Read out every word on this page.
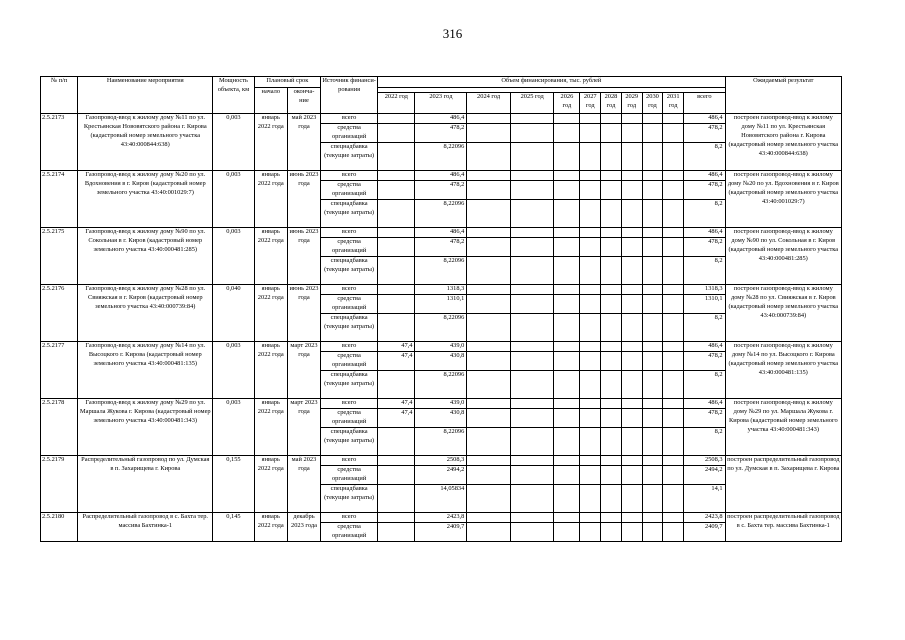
316
№ п/п	Наименование мероприятия	Мощность объекта, км	Плановый срок		Источник финанси-рования	Объем финансирования, тыс. рублей											Ожидаемый результат
			начало	оконча-ние													
						2022 год	2023 год	2024 год	2025 год	2026 год	2027 год	2028 год	2029 год	2030 год	2031 год	всего	
2.5.2173	Газопровод-ввод к жилому дому №11 по ул. Крестьянская Нововятского района г. Кирова (кадастровый номер земельного участка 43:40:000844:638)	0,003	январь 2022 года	май 2023 года	всего		486,4									486,4	построен газопровод-ввод к жилому дому №11 по ул. Крестьянская Нововятского района г. Кирова (кадастровый номер земельного участка 43:40:000844:638)
					средства организаций		478,2									478,2	
					спецнадбавка (текущие затраты)		8,22096									8,2	
2.5.2174	Газопровод-ввод к жилому дому №20 по ул. Вдохновения в г. Киров (кадастровый номер земельного участка 43:40:001029:7)	0,003	январь 2022 года	июнь 2023 года	всего		486,4									486,4	построен газопровод-ввод к жилому дому №20 по ул. Вдохновения в г. Киров (кадастровый номер земельного участка 43:40:001029:7)
					средства организаций		478,2									478,2	
					спецнадбавка (текущие затраты)		8,22096									8,2	
2.5.2175	Газопровод-ввод к жилому дому №90 по ул. Сокольная в г. Киров (кадастровый номер земельного участка 43:40:000481:285)	0,003	январь 2022 года	июнь 2023 года	всего		486,4									486,4	построен газопровод-ввод к жилому дому №90 по ул. Сокольная в г. Киров (кадастровый номер земельного участка 43:40:000481:285)
					средства организаций		478,2									478,2	
					спецнадбавка (текущие затраты)		8,22096									8,2	
2.5.2176	Газопровод-ввод к жилому дому №28 по ул. Свияжская в г. Киров (кадастровый номер земельного участка 43:40:000739:84)	0,040	январь 2022 года	июнь 2023 года	всего		1318,3									1318,3	построен газопровод-ввод к жилому дому №28 по ул. Свияжская в г. Киров (кадастровый номер земельного участка 43:40:000739:84)
					средства организаций		1310,1									1310,1	
					спецнадбавка (текущие затраты)		8,22096									8,2	
2.5.2177	Газопровод-ввод к жилому дому №14 по ул. Высоцкого г. Кирова (кадастровый номер земельного участка 43:40:000481:135)	0,003	январь 2022 года	март 2023 года	всего	47,4	439,0									486,4	построен газопровод-ввод к жилому дому №14 по ул. Высоцкого г. Кирова (кадастровый номер земельного участка 43:40:000481:135)
					средства организаций	47,4	430,8									478,2	
					спецнадбавка (текущие затраты)		8,22096									8,2	
2.5.2178	Газопровод-ввод к жилому дому №29 по ул. Маршала Жукова г. Кирова (кадастровый номер земельного участка 43:40:000481:343)	0,003	январь 2022 года	март 2023 года	всего	47,4	439,0									486,4	построен газопровод-ввод к жилому дому №29 по ул. Маршала Жукова г. Кирова (кадастровый номер земельного участка 43:40:000481:343)
					средства организаций	47,4	430,8									478,2	
					спецнадбавка (текущие затраты)		8,22096									8,2	
2.5.2179	Распределительный газопровод по ул. Думская в п. Захарищева г. Кирова	0,155	январь 2022 года	май 2023 года	всего		2508,3									2508,3	построен распределительный газопровод по ул. Думская в п. Захарищева г. Кирова
					средства организаций		2494,2									2494,2	
					спецнадбавка (текущие затраты)		14,05834									14,1	
2.5.2180	Распределительный газопровод в с. Бахта тер. массива Бахтинка-1	0,145	январь 2022 года	декабрь 2023 года	всего		2423,8									2423,8	построен распределительный газопровод в с. Бахта тер. массива Бахтинка-1
					средства организаций		2409,7									2409,7	
